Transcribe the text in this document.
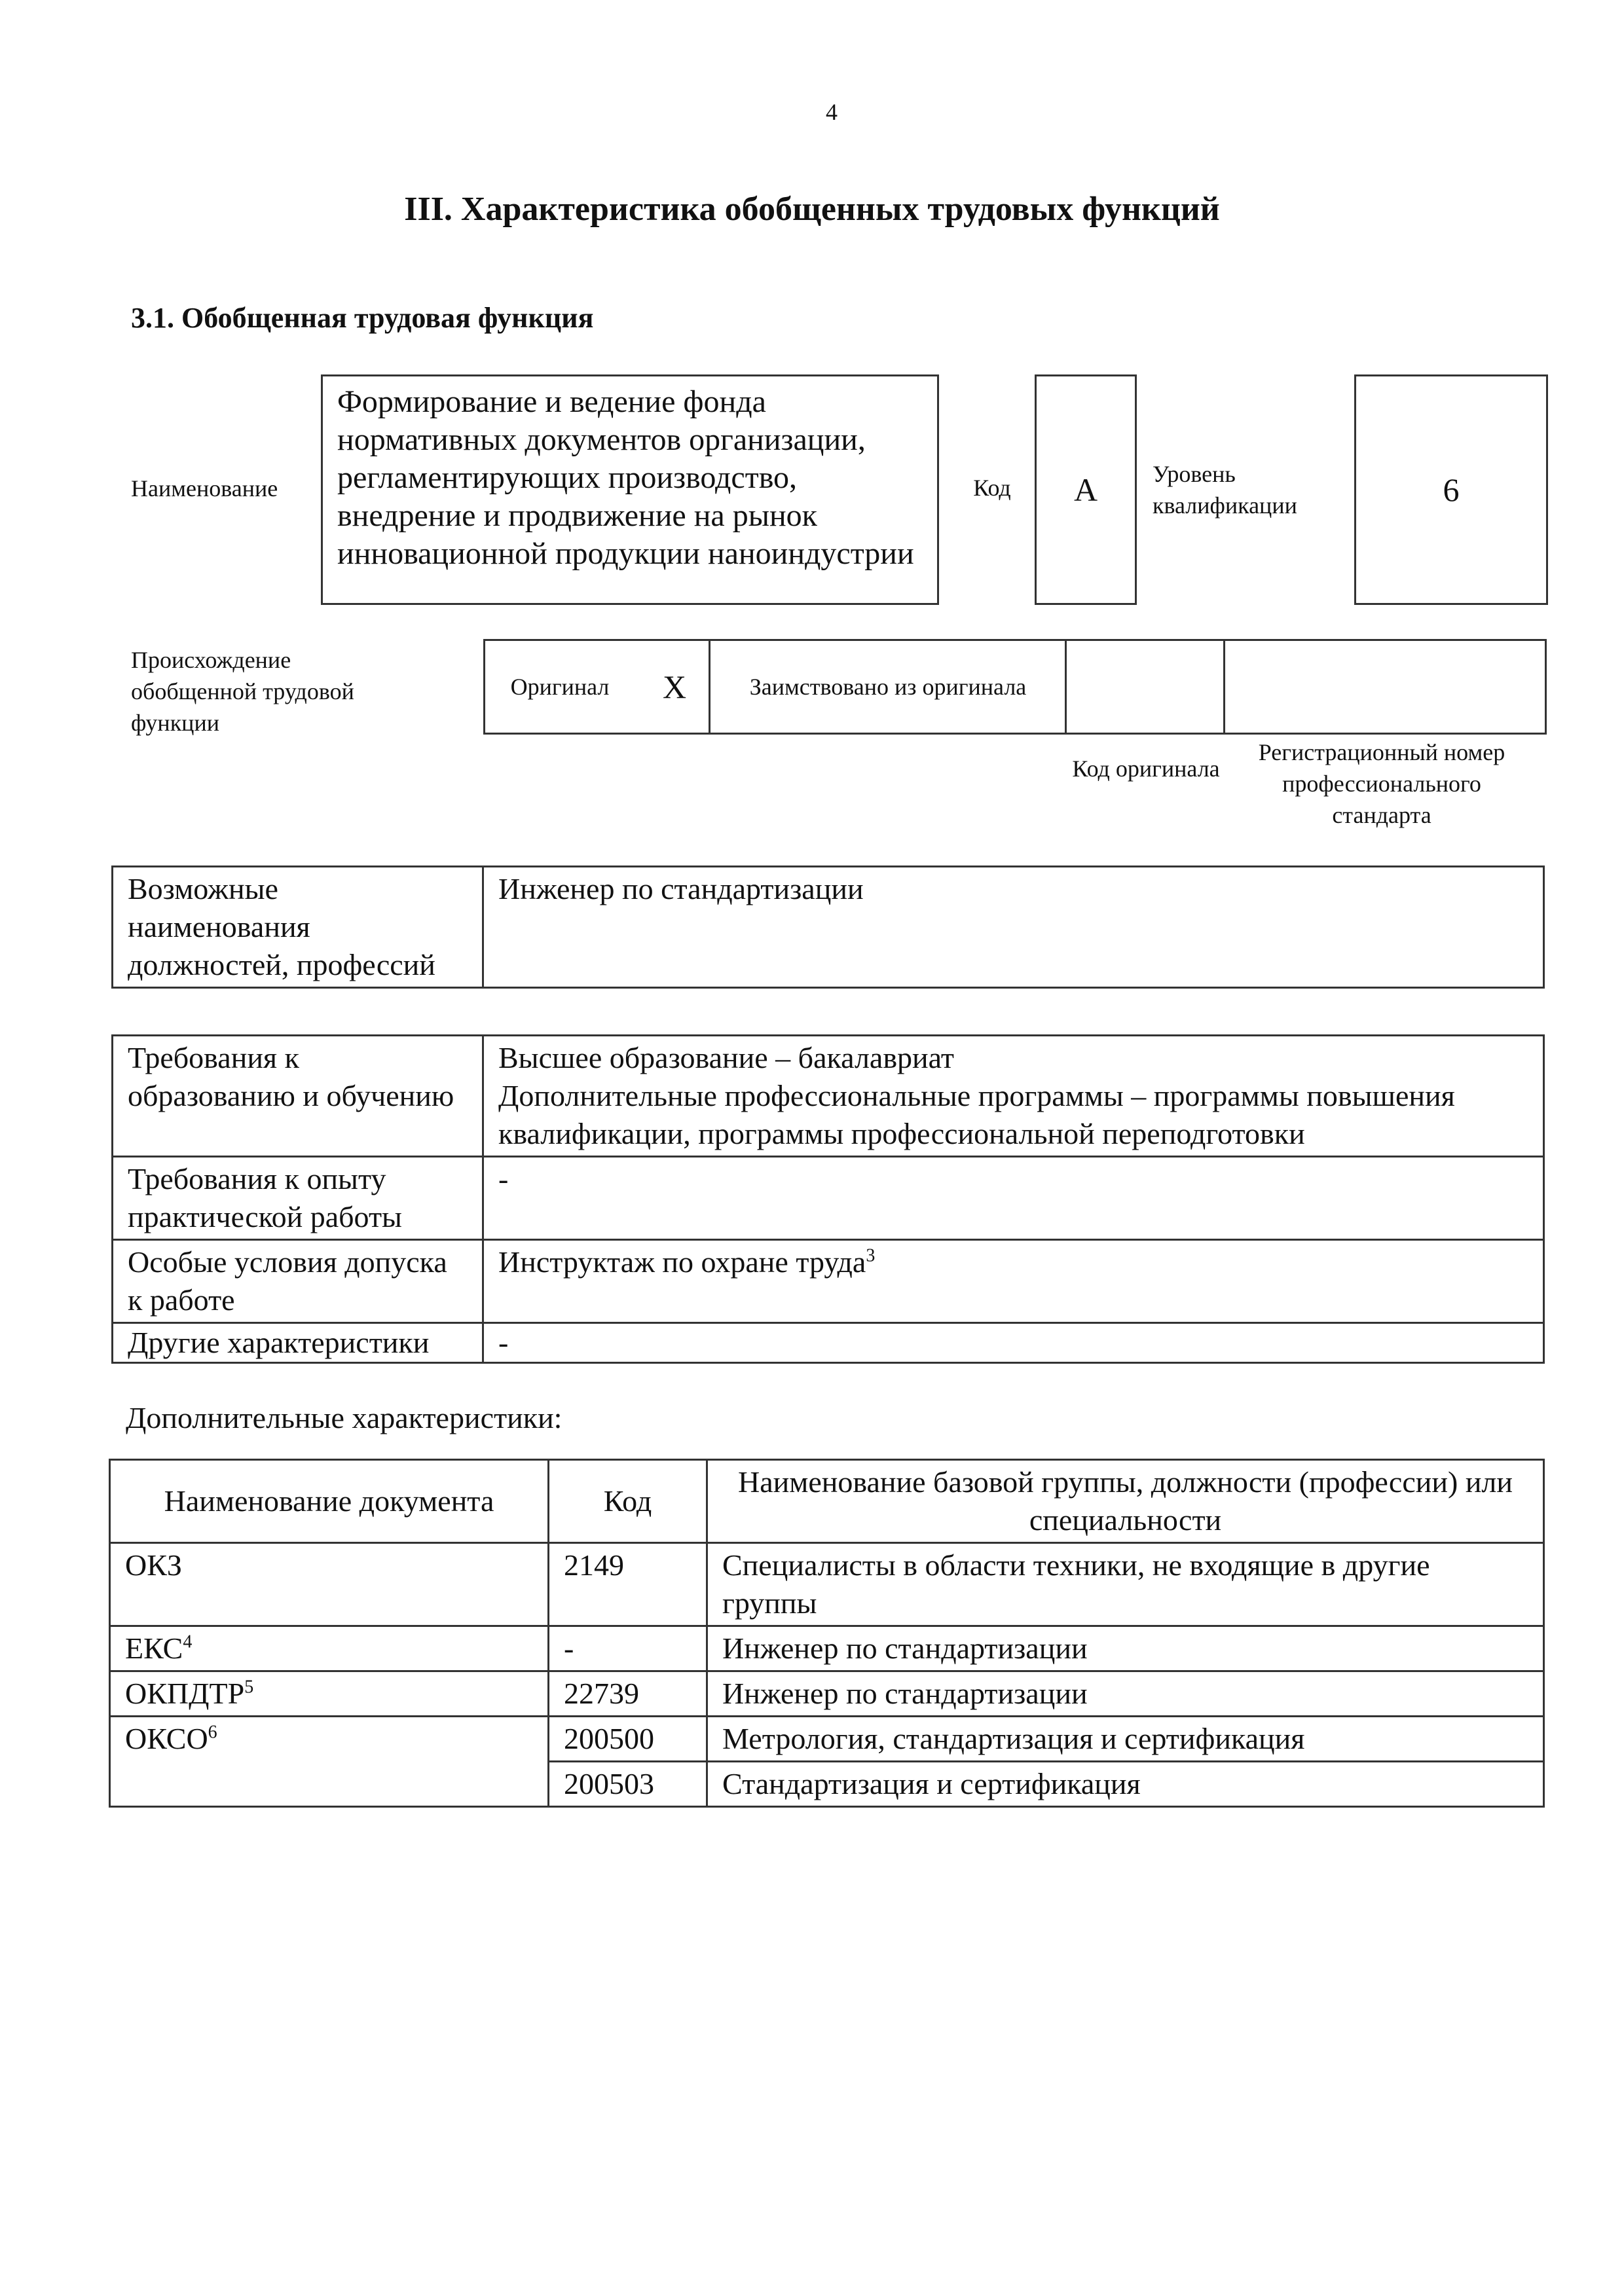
4
III. Характеристика обобщенных трудовых функций
3.1. Обобщенная трудовая функция
Наименование
Формирование и ведение фонда нормативных документов организации, регламентирующих производство, внедрение и продвижение на рынок инновационной продукции наноиндустрии
Код	А Уровень квалификации	6
Происхождение обобщенной трудовой функции
Оригинал	Х	Заимствовано из оригинала
Код оригинала
Регистрационный номер профессионального стандарта
Возможные наименования должностей, профессий	Инженер по стандартизации
Требования к образованию и обучению	Высшее образование – бакалавриат
Дополнительные профессиональные программы – программы повышения квалификации, программы профессиональной переподготовки

Требования к опыту практической работы	-
Особые условия допуска к работе	Инструктаж по охране труда$^3$
Другие характеристики	-
Дополнительные характеристики:
Наименование документа	Код	Наименование базовой группы, должности (профессии) или специальности
ОКЗ	2149	Специалисты в области техники, не входящие в другие группы
ЕКС$^4$	-	Инженер по стандартизации
ОКПДТР$^5$	22739	Инженер по стандартизации
ОКСО$^6$	200500	Метрология, стандартизация и сертификация
	200503	Стандартизация и сертификация
